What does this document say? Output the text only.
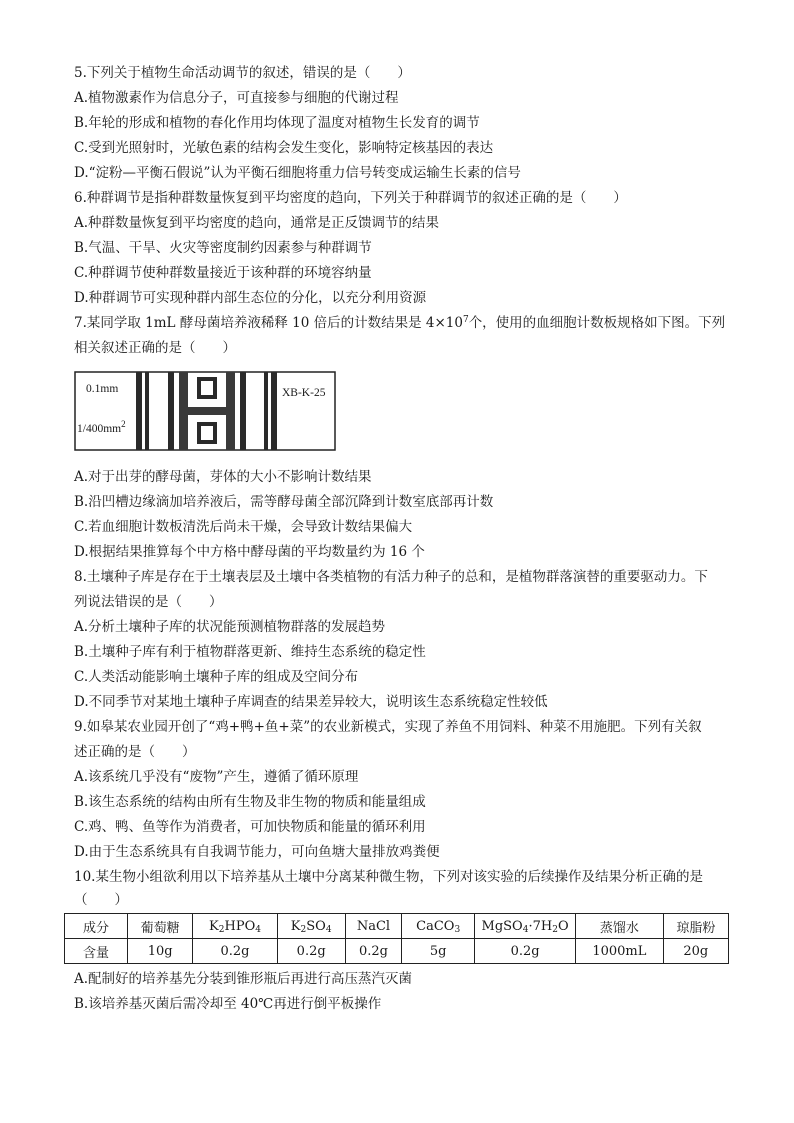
5.下列关于植物生命活动调节的叙述，错误的是（　　）
A.植物激素作为信息分子，可直接参与细胞的代谢过程
B.年轮的形成和植物的春化作用均体现了温度对植物生长发育的调节
C.受到光照射时，光敏色素的结构会发生变化，影响特定核基因的表达
D.“淀粉—平衡石假说”认为平衡石细胞将重力信号转变成运输生长素的信号
6.种群调节是指种群数量恢复到平均密度的趋向，下列关于种群调节的叙述正确的是（　　）
A.种群数量恢复到平均密度的趋向，通常是正反馈调节的结果
B.气温、干旱、火灾等密度制约因素参与种群调节
C.种群调节使种群数量接近于该种群的环境容纳量
D.种群调节可实现种群内部生态位的分化，以充分利用资源
7.某同学取 1mL 酵母菌培养液稀释 10 倍后的计数结果是 $4\times 10^7$个，使用的血细胞计数板规格如下图。下列
相关叙述正确的是（　　）
0.1mm
$1/400mm^2$
XB-K-25
A.对于出芽的酵母菌，芽体的大小不影响计数结果
B.沿凹槽边缘滴加培养液后，需等酵母菌全部沉降到计数室底部再计数
C.若血细胞计数板清洗后尚未干燥，会导致计数结果偏大
D.根据结果推算每个中方格中酵母菌的平均数量约为 16 个
8.土壤种子库是存在于土壤表层及土壤中各类植物的有活力种子的总和，是植物群落演替的重要驱动力。下
列说法错误的是（　　）
A.分析土壤种子库的状况能预测植物群落的发展趋势
B.土壤种子库有利于植物群落更新、维持生态系统的稳定性
C.人类活动能影响土壤种子库的组成及空间分布
D.不同季节对某地土壤种子库调查的结果差异较大，说明该生态系统稳定性较低
9.如皋某农业园开创了“鸡+鸭+鱼+菜”的农业新模式，实现了养鱼不用饲料、种菜不用施肥。下列有关叙
述正确的是（　　）
A.该系统几乎没有“废物”产生，遵循了循环原理
B.该生态系统的结构由所有生物及非生物的物质和能量组成
C.鸡、鸭、鱼等作为消费者，可加快物质和能量的循环利用
D.由于生态系统具有自我调节能力，可向鱼塘大量排放鸡粪便
10.某生物小组欲利用以下培养基从土壤中分离某种微生物，下列对该实验的后续操作及结果分析正确的是
（　　）
成分	葡萄糖	$K_2HPO_4$	$K_2SO_4$	NaCl	CaCO$_3$	$MgSO_4\cdot 7H_2O$	蒸馏水	琼脂粉
含量	10g	0.2g	0.2g	0.2g	5g	0.2g	1000mL	20g
A.配制好的培养基先分装到锥形瓶后再进行高压蒸汽灭菌
B.该培养基灭菌后需冷却至 40℃再进行倒平板操作
